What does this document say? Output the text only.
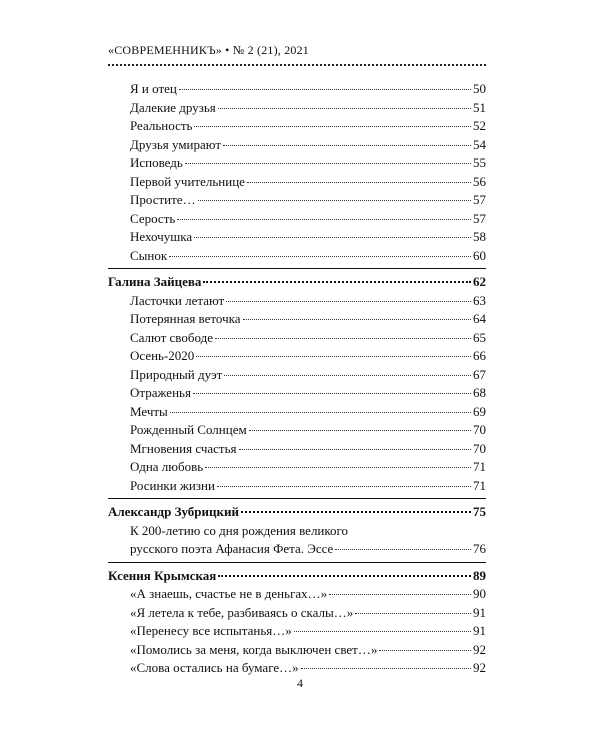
«СОВРЕМЕННИКЪ» • № 2 (21), 2021
Я и отец	50
Далекие друзья	51
Реальность	52
Друзья умирают	54
Исповедь	55
Первой учительнице	56
Простите…	57
Серость	57
Нехочушка	58
Сынок	60
Галина Зайцева	62
Ласточки летают	63
Потерянная веточка	64
Салют свободе	65
Осень-2020	66
Природный дуэт	67
Отраженья	68
Мечты	69
Рожденный Солнцем	70
Мгновения счастья	70
Одна любовь	71
Росинки жизни	71
Александр Зубрицкий	75
К 200-летию со дня рождения великого
русского поэта Афанасия Фета. Эссе	76
Ксения Крымская	89
«А знаешь, счастье не в деньгах…»	90
«Я летела к тебе, разбиваясь о скалы…»	91
«Перенесу все испытанья…»	91
«Помолись за меня, когда выключен свет…»	92
«Слова остались на бумаге…»	92
4
